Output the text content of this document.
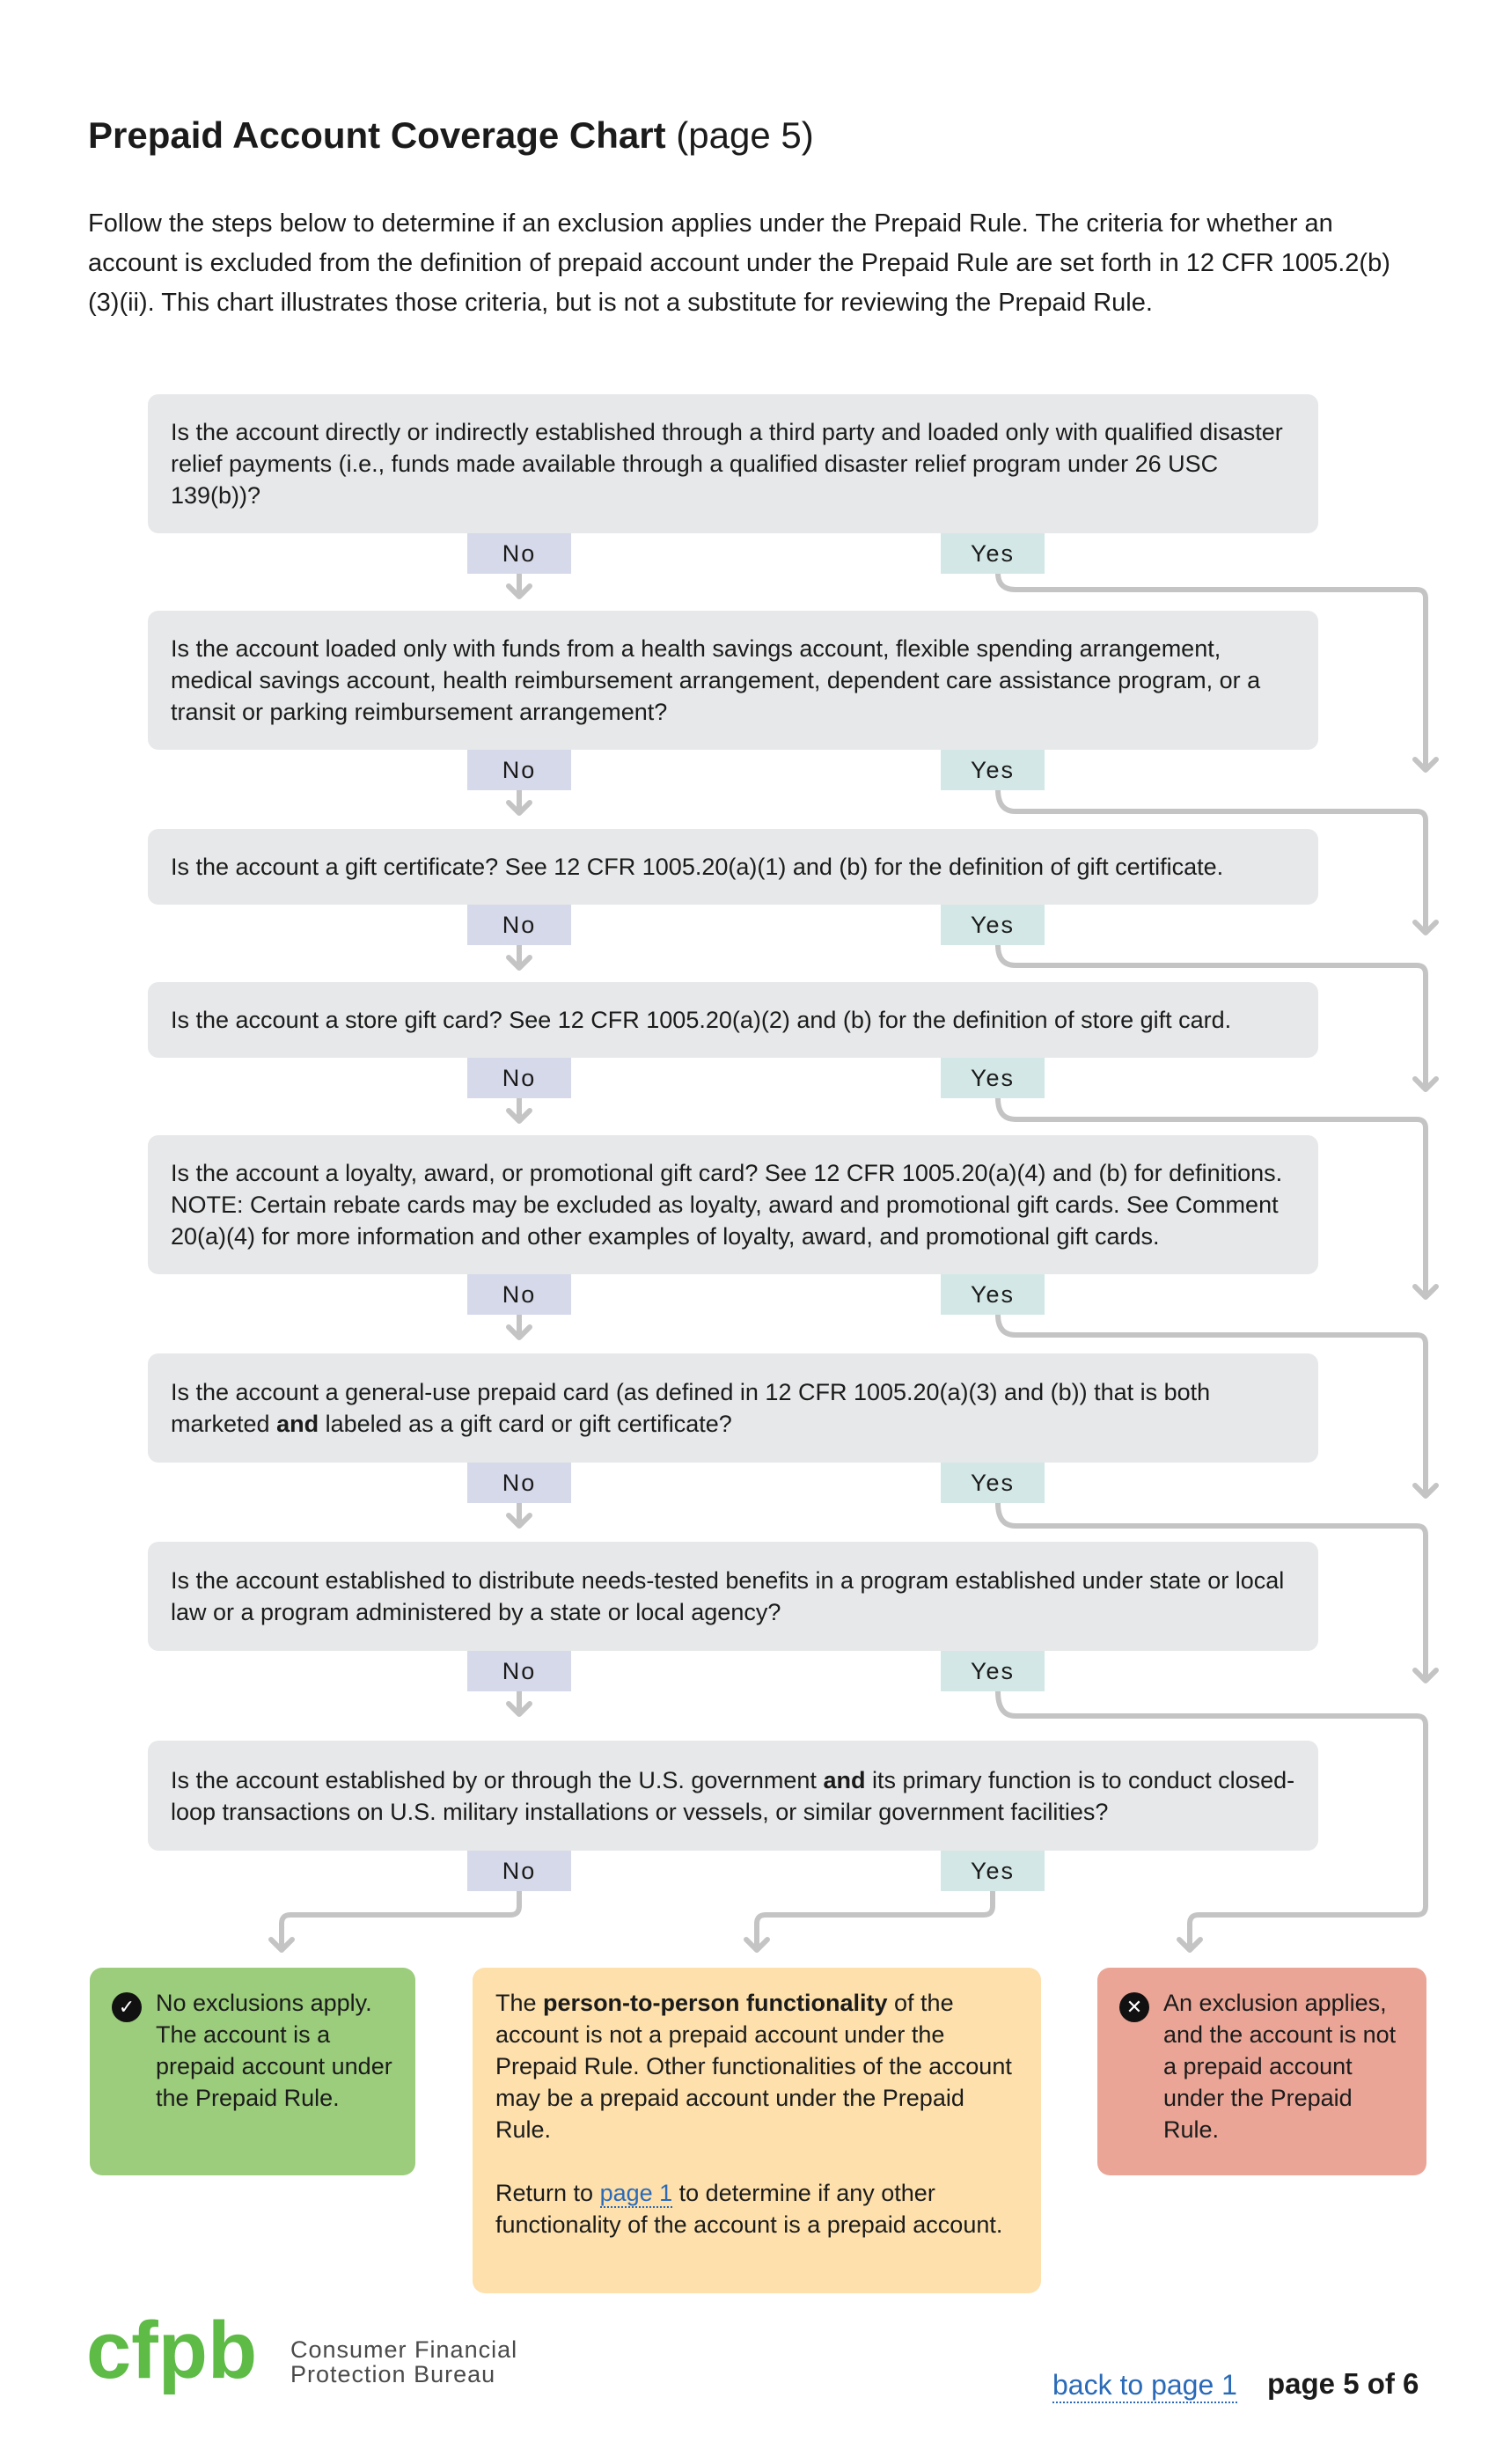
Prepaid Account Coverage Chart (page 5)

Follow the steps below to determine if an exclusion applies under the Prepaid Rule. The criteria for whether an account is excluded from the definition of prepaid account under the Prepaid Rule are set forth in 12 CFR 1005.2(b)(3)(ii). This chart illustrates those criteria, but is not a substitute for reviewing the Prepaid Rule.

Is the account directly or indirectly established through a third party and loaded only with qualified disaster relief payments (i.e., funds made available through a qualified disaster relief program under 26 USC 139(b))?
No	Yes
Is the account loaded only with funds from a health savings account, flexible spending arrangement, medical savings account, health reimbursement arrangement, dependent care assistance program, or a transit or parking reimbursement arrangement?
No	Yes
Is the account a gift certificate? See 12 CFR 1005.20(a)(1) and (b) for the definition of gift certificate.
No	Yes
Is the account a store gift card? See 12 CFR 1005.20(a)(2) and (b) for the definition of store gift card.
No	Yes
Is the account a loyalty, award, or promotional gift card? See 12 CFR 1005.20(a)(4) and (b) for definitions. NOTE: Certain rebate cards may be excluded as loyalty, award and promotional gift cards. See Comment 20(a)(4) for more information and other examples of loyalty, award, and promotional gift cards.
No	Yes
Is the account a general-use prepaid card (as defined in 12 CFR 1005.20(a)(3) and (b)) that is both marketed and labeled as a gift card or gift certificate?
No	Yes
Is the account established to distribute needs-tested benefits in a program established under state or local law or a program administered by a state or local agency?
No	Yes
Is the account established by or through the U.S. government and its primary function is to conduct closed-loop transactions on U.S. military installations or vessels, or similar government facilities?
No	Yes
✓ No exclusions apply. The account is a prepaid account under the Prepaid Rule.

The person-to-person functionality of the account is not a prepaid account under the Prepaid Rule. Other functionalities of the account may be a prepaid account under the Prepaid Rule.

Return to page 1 to determine if any other functionality of the account is a prepaid account.

✕ An exclusion applies, and the account is not a prepaid account under the Prepaid Rule.
cfpb Consumer Financial
Protection Bureau	back to page 1 page 5 of 6
